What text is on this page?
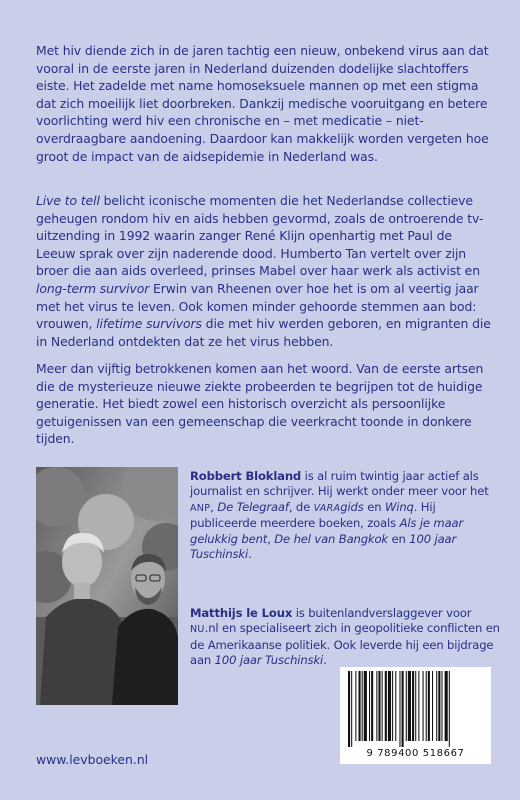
Met hiv diende zich in de jaren tachtig een nieuw, onbekend virus aan dat vooral in de eerste jaren in Nederland duizenden dodelijke slachtoffers eiste. Het zadelde met name homoseksuele mannen op met een stigma dat zich moeilijk liet doorbreken. Dankzij medische vooruitgang en betere voorlichting werd hiv een chronische en – met medicatie – niet-overdraagbare aandoening. Daardoor kan makkelijk worden vergeten hoe groot de impact van de aidsepidemie in Nederland was.

Live to tell belicht iconische momenten die het Nederlandse collectieve geheugen rondom hiv en aids hebben gevormd, zoals de ontroerende tv-uitzending in 1992 waarin zanger René Klijn openhartig met Paul de Leeuw sprak over zijn naderende dood. Humberto Tan vertelt over zijn broer die aan aids overleed, prinses Mabel over haar werk als activist en long-term survivor Erwin van Rheenen over hoe het is om al veertig jaar met het virus te leven. Ook komen minder gehoorde stemmen aan bod: vrouwen, lifetime survivors die met hiv werden geboren, en migranten die in Nederland ontdekten dat ze het virus hebben.

Meer dan vijftig betrokkenen komen aan het woord. Van de eerste artsen die de mysterieuze nieuwe ziekte probeerden te begrijpen tot de huidige generatie. Het biedt zowel een historisch overzicht als persoonlijke getuigenissen van een gemeenschap die veerkracht toonde in donkere tijden.

Robbert Blokland is al ruim twintig jaar actief als journalist en schrijver. Hij werkt onder meer voor het ANP, De Telegraaf, de VARAgids en Winq. Hij publiceerde meerdere boeken, zoals Als je maar gelukkig bent, De hel van Bangkok en 100 jaar Tuschinski.

Matthijs le Loux is buitenlandverslaggever voor NU.nl en specialiseert zich in geopolitieke conflicten en de Amerikaanse politiek. Ook leverde hij een bijdrage aan 100 jaar Tuschinski.

9 789400 518667
www.levboeken.nl
